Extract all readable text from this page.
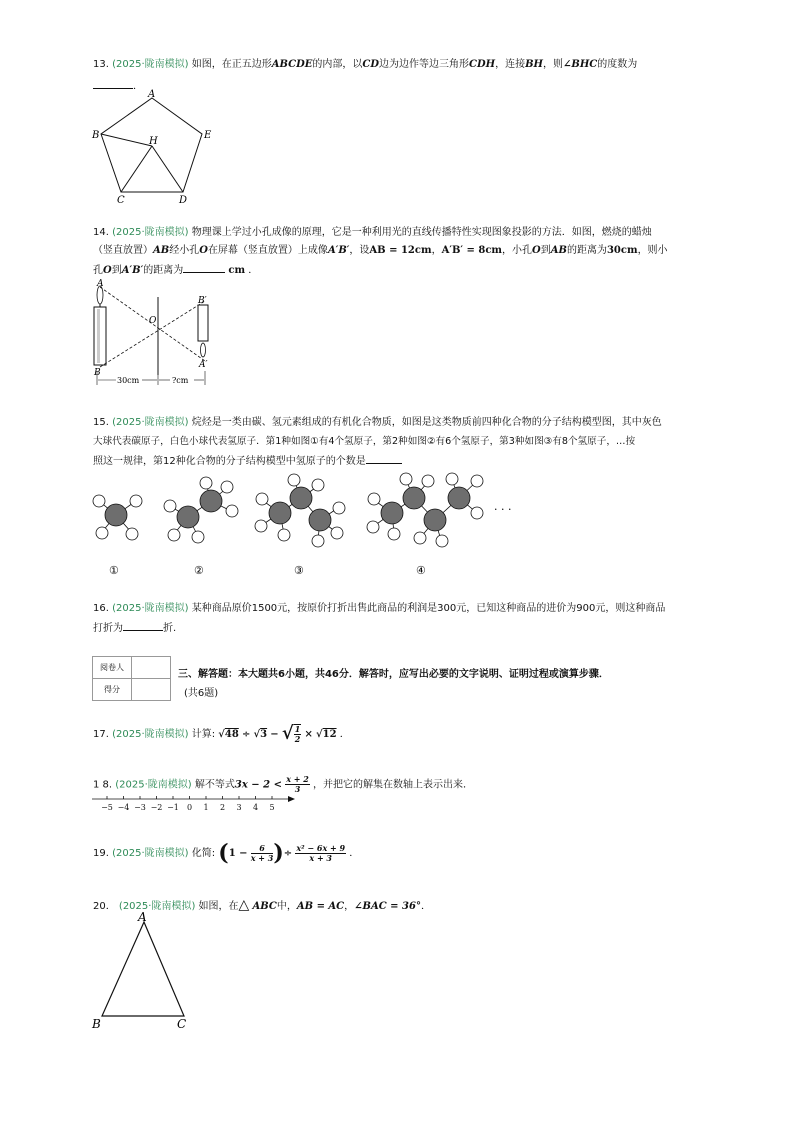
13. (2025·陇南模拟) 如图，在正五边形ABCDE的内部，以CD边为边作等边三角形CDH，连接BH，则∠BHC的度数为
．
A
B
C	D
E
H
14. (2025·陇南模拟) 物理课上学过小孔成像的原理，它是一种利用光的直线传播特性实现图象投影的方法．如图，燃烧的蜡烛
（竖直放置）AB经小孔O在屏幕（竖直放置）上成像A′B′，设AB = 12cm，A′B′ = 8cm，小孔O到AB的距离为30cm，则小
孔O到A′B′的距离为	cm ．
A
B
B′
A′
O
30cm	?cm
15. (2025·陇南模拟) 烷烃是一类由碳、氢元素组成的有机化合物质，如图是这类物质前四种化合物的分子结构模型图，其中灰色
大球代表碳原子，白色小球代表氢原子．第1种如图①有4个氢原子，第2种如图②有6个氢原子，第3种如图③有8个氢原子，…按
照这一规律，第12种化合物的分子结构模型中氢原子的个数是
· · ·
①	②	③	④
16. (2025·陇南模拟) 某种商品原价1500元，按原价打折出售此商品的利润是300元，已知这种商品的进价为900元，则这种商品
打折为	折.
阅卷人	
得分	
三、解答题：本大题共6小题，共46分．解答时，应写出必要的文字说明、证明过程或演算步骤．
(共6题)
17. (2025·陇南模拟) 计算: √48 ÷ √3 − √ $\frac{1}{2} \times √12$ ．
1 8. (2025·陇南模拟) 解不等式$3x - 2 < \frac{x + 2}{3}$ ，并把它的解集在数轴上表示出来．
−5 −4 −3 −2 −1 0 1 2 3 4 5
19. (2025·陇南模拟) 化简: ($1 - \frac{6}{x + 3}$ )÷ $\frac{\text{x² − 6x + 9}}{x + 3}$ ．
20． (2025·陇南模拟) 如图，在△ ABC中，AB = AC，∠BAC = 36°．
A
B	C
